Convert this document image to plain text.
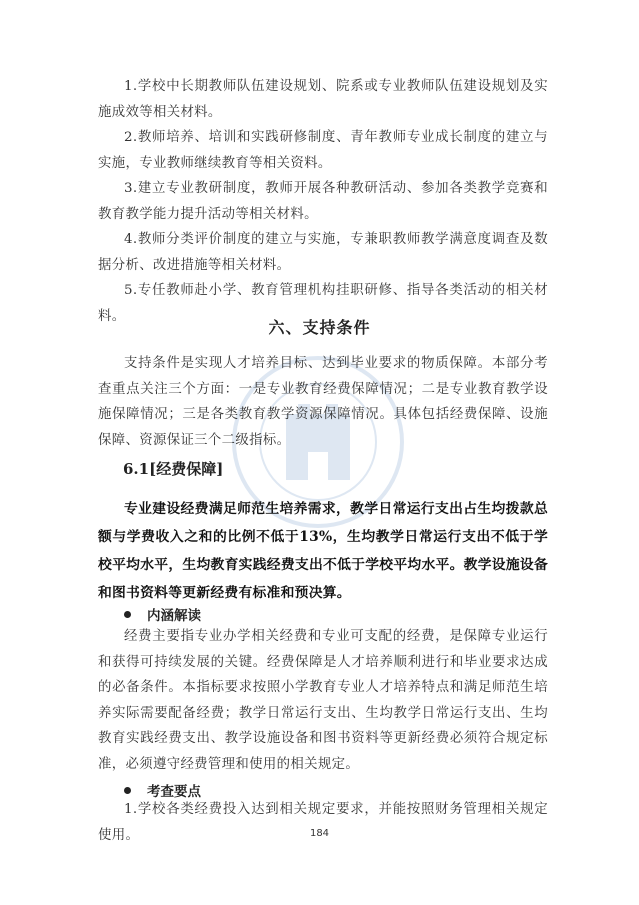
1.学校中长期教师队伍建设规划、院系或专业教师队伍建设规划及实施成效等相关材料。

2.教师培养、培训和实践研修制度、青年教师专业成长制度的建立与实施，专业教师继续教育等相关资料。

3.建立专业教研制度，教师开展各种教研活动、参加各类教学竞赛和教育教学能力提升活动等相关材料。

4.教师分类评价制度的建立与实施，专兼职教师教学满意度调查及数据分析、改进措施等相关材料。

5.专任教师赴小学、教育管理机构挂职研修、指导各类活动的相关材料。

六、支持条件

支持条件是实现人才培养目标、达到毕业要求的物质保障。本部分考查重点关注三个方面：一是专业教育经费保障情况；二是专业教育教学设施保障情况；三是各类教育教学资源保障情况。具体包括经费保障、设施保障、资源保证三个二级指标。

6.1[经费保障]

专业建设经费满足师范生培养需求，教学日常运行支出占生均拨款总额与学费收入之和的比例不低于13%，生均教学日常运行支出不低于学校平均水平，生均教育实践经费支出不低于学校平均水平。教学设施设备和图书资料等更新经费有标准和预决算。

内涵解读

经费主要指专业办学相关经费和专业可支配的经费，是保障专业运行和获得可持续发展的关键。经费保障是人才培养顺利进行和毕业要求达成的必备条件。本指标要求按照小学教育专业人才培养特点和满足师范生培养实际需要配备经费；教学日常运行支出、生均教学日常运行支出、生均教育实践经费支出、教学设施设备和图书资料等更新经费必须符合规定标准，必须遵守经费管理和使用的相关规定。

考查要点

1.学校各类经费投入达到相关规定要求，并能按照财务管理相关规定使用。	184
